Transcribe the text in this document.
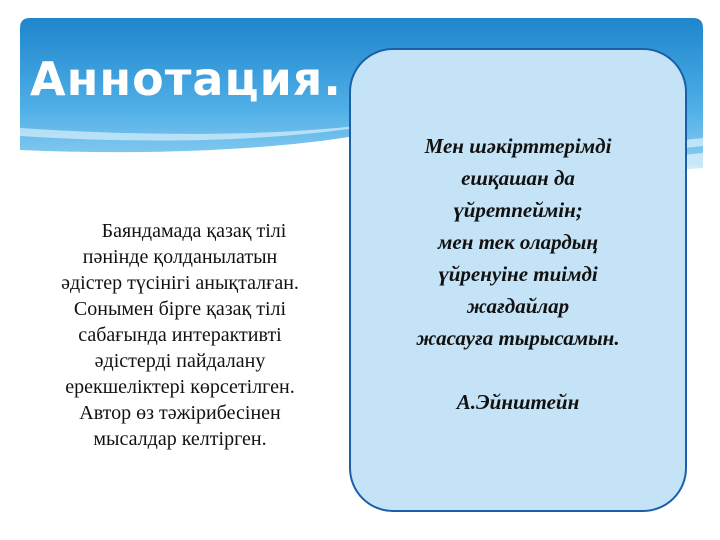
Аннотация.
Баяндамада қазақ тілі
пәнінде қолданылатын
әдістер түсінігі анықталған.
Сонымен бірге қазақ тілі
сабағында интерактивті
әдістерді пайдалану
ерекшеліктері көрсетілген.
Автор өз тәжірибесінен
мысалдар келтірген.
Мен шәкірттерімді
ешқашан да
үйретпеймін;
мен тек олардың
үйренуіне тиімді
жағдайлар
жасауға тырысамын.
А.Эйнштейн
